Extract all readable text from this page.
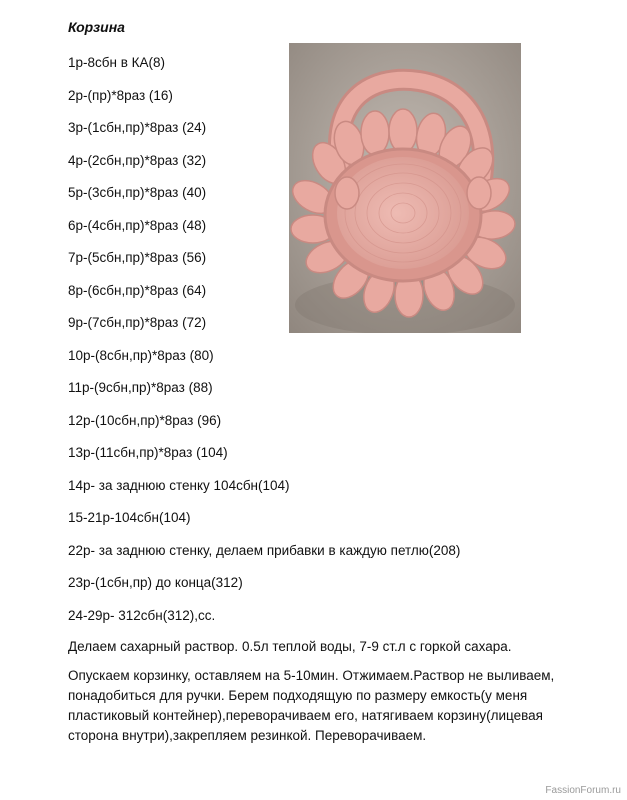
Корзина
1р-8сбн в КА(8)
2р-(пр)*8раз (16)
3р-(1сбн,пр)*8раз (24)
4р-(2сбн,пр)*8раз (32)
5р-(3сбн,пр)*8раз (40)
6р-(4сбн,пр)*8раз (48)
7р-(5сбн,пр)*8раз (56)
8р-(6сбн,пр)*8раз (64)
9р-(7сбн,пр)*8раз (72)
10р-(8сбн,пр)*8раз (80)
11р-(9сбн,пр)*8раз (88)
12р-(10сбн,пр)*8раз (96)
13р-(11сбн,пр)*8раз (104)
14р- за заднюю стенку 104сбн(104)
15-21р-104сбн(104)
22р- за заднюю стенку, делаем прибавки в каждую петлю(208)
23р-(1сбн,пр) до конца(312)
24-29р- 312сбн(312),сс.

Делаем сахарный раствор. 0.5л теплой воды, 7-9 ст.л с горкой сахара.

Опускаем корзинку, оставляем на 5-10мин. Отжимаем.Раствор не выливаем, понадобиться для ручки. Берем подходящую по размеру емкость(у меня пластиковый контейнер),переворачиваем его, натягиваем корзину(лицевая сторона внутри),закрепляем резинкой. Переворачиваем.

FassionForum.ru
